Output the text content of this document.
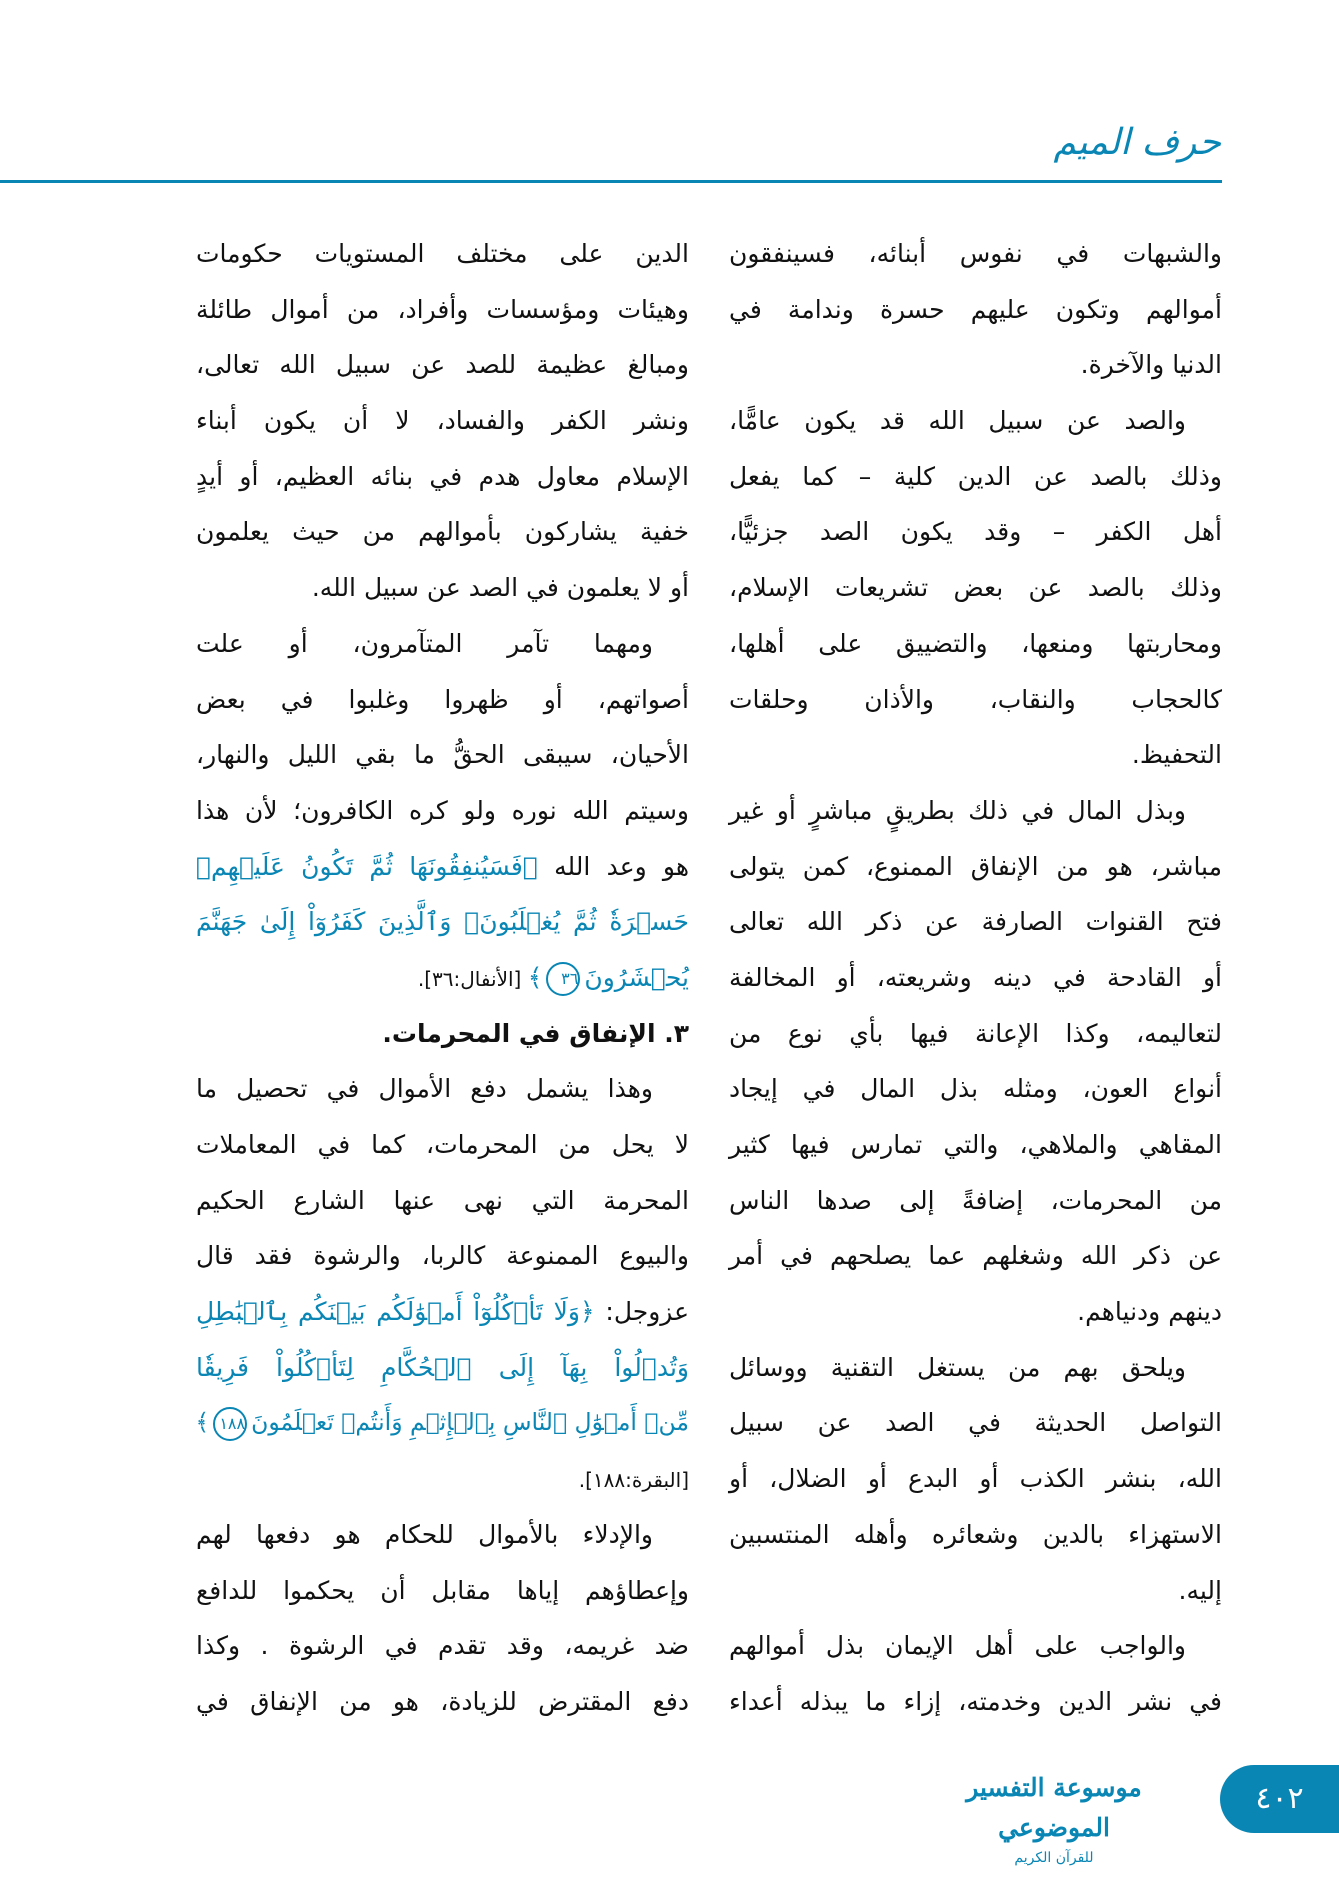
حرف الميم
والشبهات في نفوس أبنائه، فسينفقون
أموالهم وتكون عليهم حسرة وندامة في
الدنيا والآخرة.
والصد عن سبيل الله قد يكون عامًّا،
وذلك بالصد عن الدين كلية – كما يفعل
أهل الكفر – وقد يكون الصد جزئيًّا،
وذلك بالصد عن بعض تشريعات الإسلام،
ومحاربتها ومنعها، والتضييق على أهلها،
كالحجاب والنقاب، والأذان وحلقات
التحفيظ.
وبذل المال في ذلك بطريقٍ مباشرٍ أو غير
مباشر، هو من الإنفاق الممنوع، كمن يتولى
فتح القنوات الصارفة عن ذكر الله تعالى
أو القادحة في دينه وشريعته، أو المخالفة
لتعاليمه، وكذا الإعانة فيها بأي نوع من
أنواع العون، ومثله بذل المال في إيجاد
المقاهي والملاهي، والتي تمارس فيها كثير
من المحرمات، إضافةً إلى صدها الناس
عن ذكر الله وشغلهم عما يصلحهم في أمر
دينهم ودنياهم.
ويلحق بهم من يستغل التقنية ووسائل
التواصل الحديثة في الصد عن سبيل
الله، بنشر الكذب أو البدع أو الضلال، أو
الاستهزاء بالدين وشعائره وأهله المنتسبين
إليه.
والواجب على أهل الإيمان بذل أموالهم
في نشر الدين وخدمته، إزاء ما يبذله أعداء
الدين على مختلف المستويات حكومات
وهيئات ومؤسسات وأفراد، من أموال طائلة
ومبالغ عظيمة للصد عن سبيل الله تعالى،
ونشر الكفر والفساد، لا أن يكون أبناء
الإسلام معاول هدم في بنائه العظيم، أو أيدٍ
خفية يشاركون بأموالهم من حيث يعلمون
أو لا يعلمون في الصد عن سبيل الله.
ومهما تآمر المتآمرون، أو علت
أصواتهم، أو ظهروا وغلبوا في بعض
الأحيان، سيبقى الحقُّ ما بقي الليل والنهار،
وسيتم الله نوره ولو كره الكافرون؛ لأن هذا
هو وعد الله ﴿فَسَيُنفِقُونَهَا ثُمَّ تَكُونُ عَلَيۡهِمۡ
حَسۡرَةٗ ثُمَّ يُغۡلَبُونَۗ وَٱلَّذِينَ كَفَرُوٓاْ إِلَىٰ جَهَنَّمَ
يُحۡشَرُونَ٣٦﴾ [الأنفال:٣٦].
٣. الإنفاق في المحرمات.
وهذا يشمل دفع الأموال في تحصيل ما
لا يحل من المحرمات، كما في المعاملات
المحرمة التي نهى عنها الشارع الحكيم
والبيوع الممنوعة كالربا، والرشوة فقد قال
عزوجل: ﴿وَلَا تَأۡكُلُوٓاْ أَمۡوَٰلَكُم بَيۡنَكُم بِٱلۡبَٰطِلِ
وَتُدۡلُواْ بِهَآ إِلَى ٱلۡحُكَّامِ لِتَأۡكُلُواْ فَرِيقٗا
مِّنۡ أَمۡوَٰلِ ٱلنَّاسِ بِٱلۡإِثۡمِ وَأَنتُمۡ تَعۡلَمُونَ١٨٨﴾
[البقرة:١٨٨].
والإدلاء بالأموال للحكام هو دفعها لهم
وإعطاؤهم إياها مقابل أن يحكموا للدافع
ضد غريمه، وقد تقدم في الرشوة . وكذا
دفع المقترض للزيادة، هو من الإنفاق في
موسوعة التفسير الموضوعي
للقرآن الكريم
٤٠٢
